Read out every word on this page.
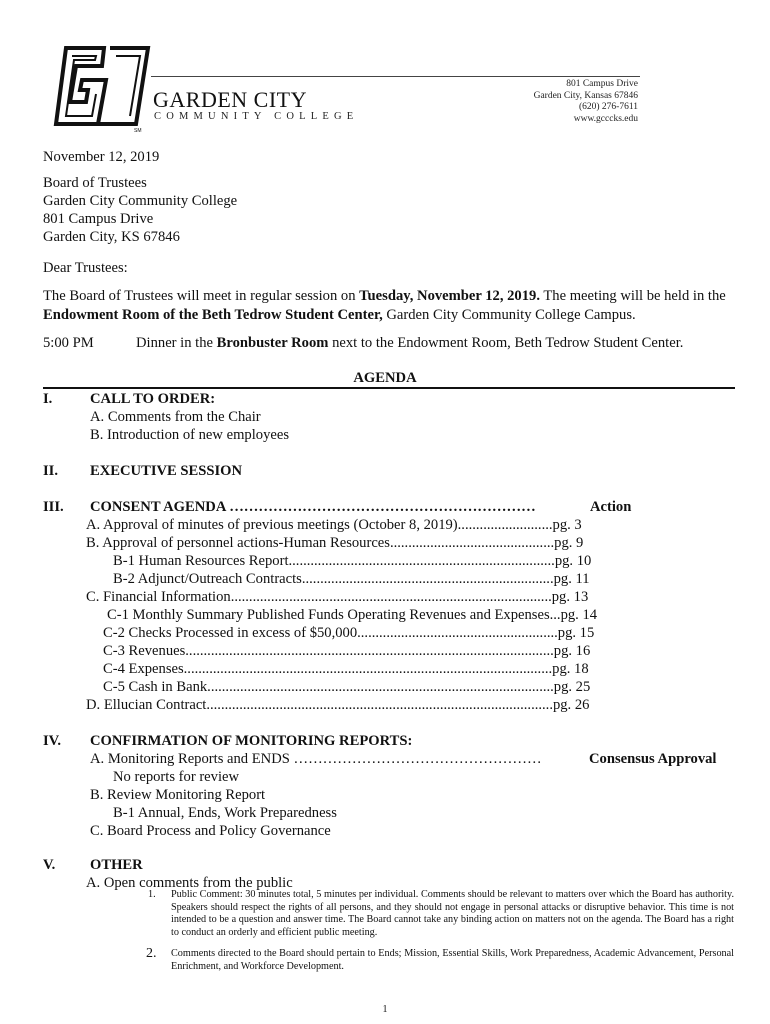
SM
GARDEN CITY
COMMUNITY COLLEGE
801 Campus Drive
Garden City, Kansas 67846
(620) 276-7611
www.gcccks.edu
November 12, 2019
Board of Trustees
Garden City Community College
801 Campus Drive
Garden City, KS 67846
Dear Trustees:
The Board of Trustees will meet in regular session on Tuesday, November 12, 2019. The meeting will be held in the Endowment Room of the Beth Tedrow Student Center, Garden City Community College Campus.
5:00 PM	Dinner in the Bronbuster Room next to the Endowment Room, Beth Tedrow Student Center.
AGENDA
I.	CALL TO ORDER:
A. Comments from the Chair
B. Introduction of new employees
II. EXECUTIVE SESSION
III. CONSENT AGENDA ………………………………………………………	Action
A. Approval of minutes of previous meetings (October 8, 2019)..........................pg. 3
B. Approval of personnel actions-Human Resources.............................................pg. 9
B-1 Human Resources Report.........................................................................pg. 10
B-2 Adjunct/Outreach Contracts.....................................................................pg. 11
C. Financial Information........................................................................................pg. 13
C-1 Monthly Summary Published Funds Operating Revenues and Expenses...pg. 14
C-2 Checks Processed in excess of $50,000.......................................................pg. 15
C-3 Revenues.....................................................................................................pg. 16
C-4 Expenses.....................................................................................................pg. 18
C-5 Cash in Bank...............................................................................................pg. 25
D. Ellucian Contract...............................................................................................pg. 26
IV. CONFIRMATION OF MONITORING REPORTS:
A. Monitoring Reports and ENDS ……………………………………………	Consensus Approval
No reports for review
B. Review Monitoring Report
B-1 Annual, Ends, Work Preparedness
C. Board Process and Policy Governance
V. OTHER
A. Open comments from the public
1. Public Comment: 30 minutes total, 5 minutes per individual. Comments should be relevant to matters over which the Board has authority. Speakers should respect the rights of all persons, and they should not engage in personal attacks or disruptive behavior. This time is not intended to be a question and answer time. The Board cannot take any binding action on matters not on the agenda. The Board has a right to conduct an orderly and efficient public meeting.
2. Comments directed to the Board should pertain to Ends; Mission, Essential Skills, Work Preparedness, Academic Advancement, Personal Enrichment, and Workforce Development.
1
